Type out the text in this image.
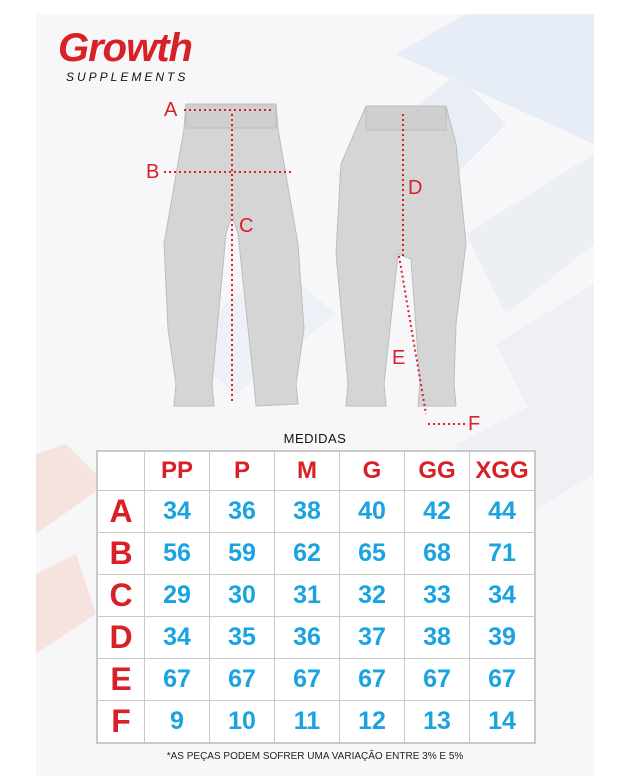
Growth
SUPPLEMENTS
A
B
C
D
E
F
MEDIDAS
	PP	P	M	G	GG	XGG
A	34	36	38	40	42	44
B	56	59	62	65	68	71
C	29	30	31	32	33	34
D	34	35	36	37	38	39
E	67	67	67	67	67	67
F	9	10	11	12	13	14
*AS PEÇAS PODEM SOFRER UMA VARIAÇÃO ENTRE 3% E 5%
